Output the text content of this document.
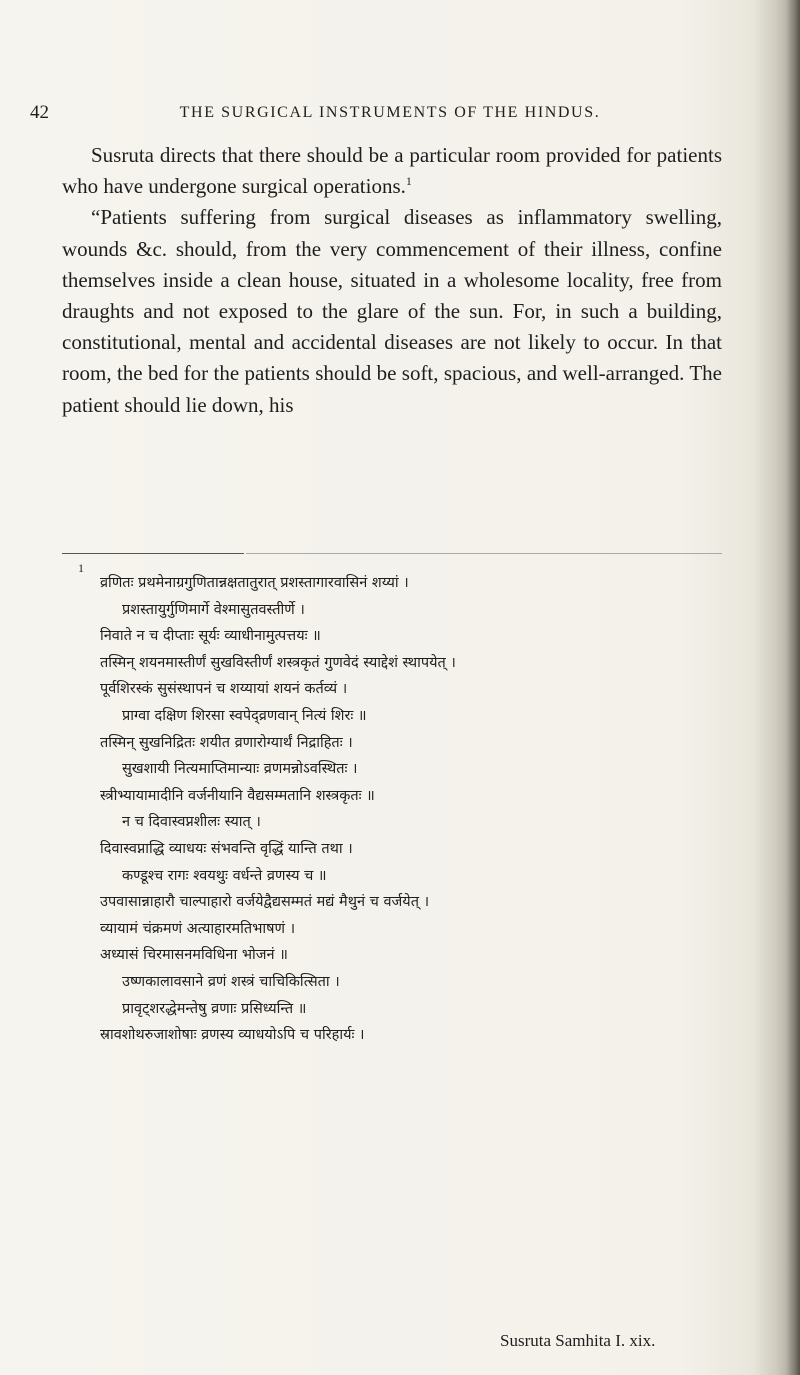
42	THE SURGICAL INSTRUMENTS OF THE HINDUS.

Susruta directs that there should be a particular room provided for patients who have undergone surgical operations.$^1$

“Patients suffering from surgical diseases as inflammatory swelling, wounds &c. should, from the very commencement of their illness, confine themselves inside a clean house, situated in a wholesome locality, free from draughts and not exposed to the glare of the sun. For, in such a building, constitutional, mental and accidental diseases are not likely to occur. In that room, the bed for the patients should be soft, spacious, and well-arranged. The patient should lie down, his

1
व्रणितः प्रथमेनाग्रगुणितान्नक्षतातुरात् प्रशस्तागारवासिनं शय्यां ।
प्रशस्तायुर्गुणिमार्गे वेश्मासुतवस्तीर्णे ।
निवाते न च दीप्ताः सूर्यः व्याधीनामुत्पत्तयः ॥
तस्मिन् शयनमास्तीर्णं सुखविस्तीर्णं शस्त्रकृतं गुणवेदं स्याद्देशं स्थापयेत् ।
पूर्वशिरस्कं सुसंस्थापनं च शय्यायां शयनं कर्तव्यं ।
प्राग्वा दक्षिण शिरसा स्वपेद्व्रणवान् नित्यं शिरः ॥
तस्मिन् सुखनिद्रितः शयीत व्रणारोग्यार्थं निद्राहितः ।
सुखशायी नित्यमाप्तिमान्याः व्रणमन्नोऽवस्थितः ।
स्त्रीभ्यायामादीनि वर्जनीयानि वैद्यसम्मतानि शस्त्रकृतः ॥
न च दिवास्वप्नशीलः स्यात् ।
दिवास्वप्नाद्धि व्याधयः संभवन्ति वृद्धिं यान्ति तथा ।
कण्डूश्च रागः श्वयथुः वर्धन्ते व्रणस्य च ॥
उपवासान्नाहारौ चाल्पाहारो वर्जयेद्वैद्यसम्मतं मद्यं मैथुनं च वर्जयेत् ।
व्यायामं चंक्रमणं अत्याहारमतिभाषणं ।
अध्यासं चिरमासनमविधिना भोजनं ॥
उष्णकालावसाने व्रणं शस्त्रं चाचिकित्सिता ।
प्रावृट्शरद्धेमन्तेषु व्रणाः प्रसिध्यन्ति ॥
स्रावशोथरुजाशोषाः व्रणस्य व्याधयोऽपि च परिहार्यः ।
Susruta Samhita I. xix.
